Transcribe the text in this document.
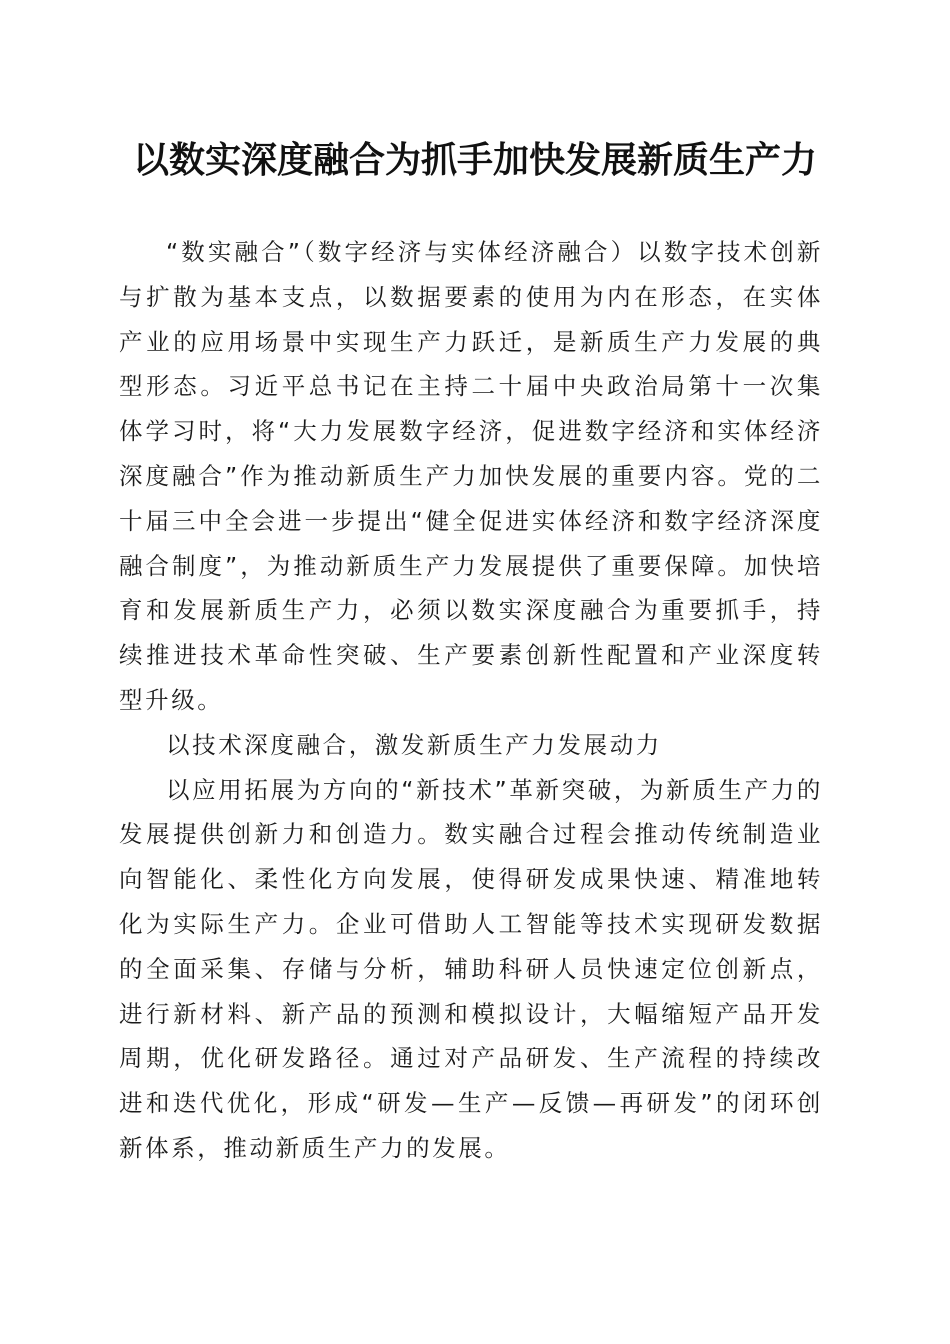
以数实深度融合为抓手加快发展新质生产力

“数实融合”（数字经济与实体经济融合）以数字技术创新与扩散为基本支点，以数据要素的使用为内在形态，在实体产业的应用场景中实现生产力跃迁，是新质生产力发展的典型形态。习近平总书记在主持二十届中央政治局第十一次集体学习时，将“大力发展数字经济，促进数字经济和实体经济深度融合”作为推动新质生产力加快发展的重要内容。党的二十届三中全会进一步提出“健全促进实体经济和数字经济深度融合制度”，为推动新质生产力发展提供了重要保障。加快培育和发展新质生产力，必须以数实深度融合为重要抓手，持续推进技术革命性突破、生产要素创新性配置和产业深度转型升级。

以技术深度融合，激发新质生产力发展动力

以应用拓展为方向的“新技术”革新突破，为新质生产力的发展提供创新力和创造力。数实融合过程会推动传统制造业向智能化、柔性化方向发展，使得研发成果快速、精准地转化为实际生产力。企业可借助人工智能等技术实现研发数据的全面采集、存储与分析，辅助科研人员快速定位创新点，进行新材料、新产品的预测和模拟设计，大幅缩短产品开发周期，优化研发路径。通过对产品研发、生产流程的持续改进和迭代优化，形成“研发—生产—反馈—再研发”的闭环创新体系，推动新质生产力的发展。
